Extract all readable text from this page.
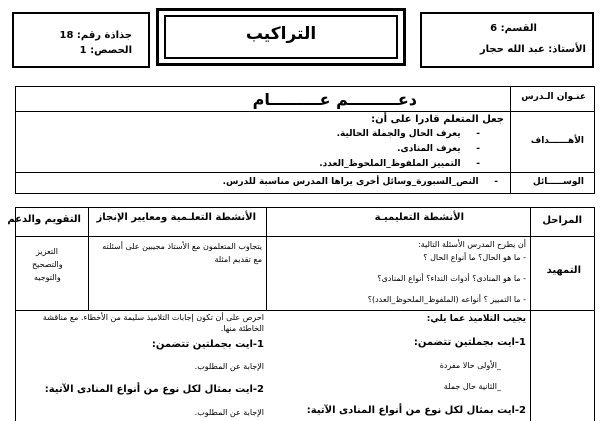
القسم: 6
الأستاذ: عبد الله حجار
التراكيب
جذاذة رقم: 18
الحصص: 1
عنـوان الـدرس
دعـــــــــم عـــــــــام
الأهــــــداف
جعل المتعلم قادرا على أن:
-     يعرف الحال والجملة الحالية.
-     يعرف المنادى.
-     التمييز الملفوظ_الملحوظ_العدد.
الوســـــائل
-     النص_السبورة_وسائل أخرى يراها المدرس مناسبة للدرس.
المراحل
الأنشطة التعليميـة
الأنشطة التعلـمية ومعايير الإنجاز
التقويم والدعم
التمهيد
أن يطرح المدرس الأسئلة التالية:
- ما هو الحال؟ ما أنواع الحال ؟
- ما هو المنادى؟ أدوات النداء؟ أنواع المنادى؟
- ما التمييز ؟ أنواعه (الملفوظ_الملحوظ_العدد)؟
يتجاوب المتعلمون مع الأستاذ مجيبين على أسئلته مع تقديم امثلة
التعزيز
والتصحيح
والتوجيه
يجيب التلاميذ عما يلي:
1-ايت بجملتين تتضمن:
_الأولى حالا مفردة
_الثانية حال جملة
2-ايت بمثال لكل نوع من أنواع المنادى الآتية:
احرص على أن تكون إجابات التلاميذ سليمة من الأخطاء. مع مناقشة
الخاطئة منها.
1-ايت بجملتين تتضمن:
الإجابة عن المطلوب.
2-ايت بمثال لكل نوع من أنواع المنادى الآتية:
الإجابة عن المطلوب.
